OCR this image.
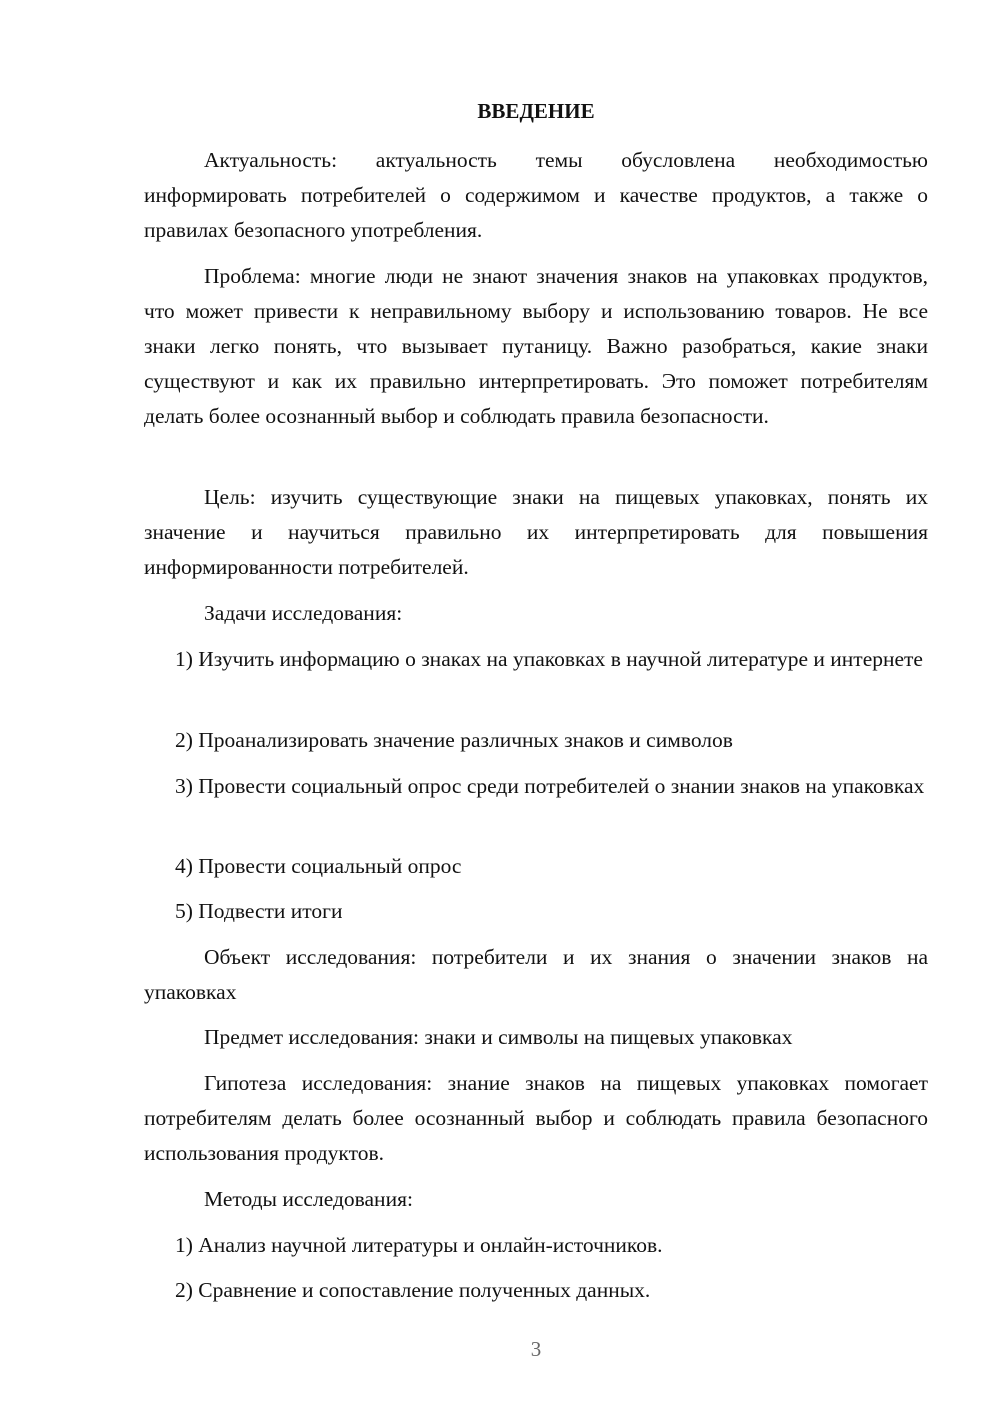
ВВЕДЕНИЕ

Актуальность: актуальность темы обусловлена необходимостью информировать потребителей о содержимом и качестве продуктов, а также о правилах безопасного употребления.

Проблема: многие люди не знают значения знаков на упаковках продуктов, что может привести к неправильному выбору и использованию товаров. Не все знаки легко понять, что вызывает путаницу. Важно разобраться, какие знаки существуют и как их правильно интерпретировать. Это поможет потребителям делать более осознанный выбор и соблюдать правила безопасности.

Цель: изучить существующие знаки на пищевых упаковках, понять их значение и научиться правильно их интерпретировать для повышения информированности потребителей.

Задачи исследования:

1) Изучить информацию о знаках на упаковках в научной литературе и интернете

2) Проанализировать значение различных знаков и символов

3) Провести социальный опрос среди потребителей о знании знаков на упаковках

4) Провести социальный опрос

5) Подвести итоги

Объект исследования: потребители и их знания о значении знаков на упаковках

Предмет исследования: знаки и символы на пищевых упаковках

Гипотеза исследования: знание знаков на пищевых упаковках помогает потребителям делать более осознанный выбор и соблюдать правила безопасного использования продуктов.

Методы исследования:

1) Анализ научной литературы и онлайн-источников.

2) Сравнение и сопоставление полученных данных.

3
